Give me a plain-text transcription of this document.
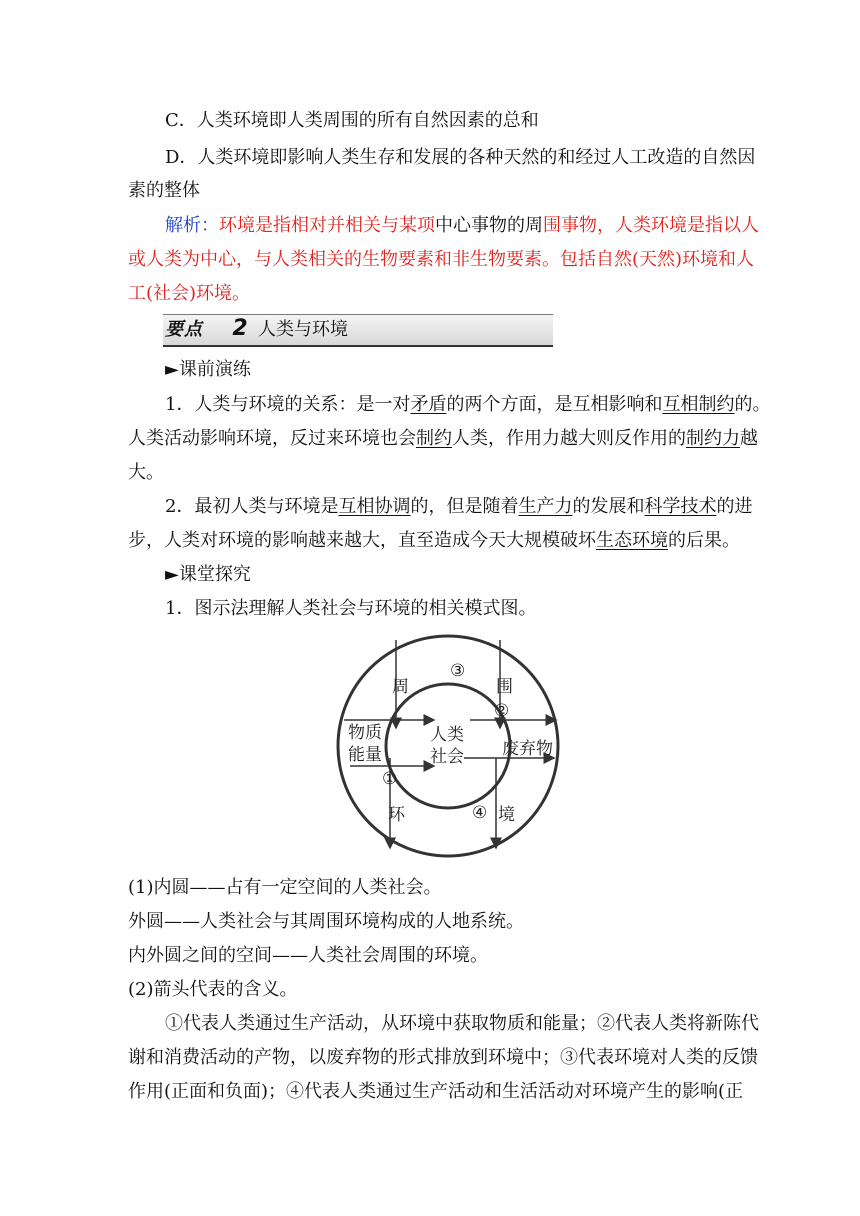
C．人类环境即人类周围的所有自然因素的总和
D．人类环境即影响人类生存和发展的各种天然的和经过人工改造的自然因
素的整体
解析：环境是指相对并相关与某项中心事物的周围事物，人类环境是指以人
或人类为中心，与人类相关的生物要素和非生物要素。包括自然(天然)环境和人
工(社会)环境。
要点 2 人类与环境
►课前演练
1．人类与环境的关系：是一对矛盾的两个方面，是互相影响和互相制约的。
人类活动影响环境，反过来环境也会制约人类，作用力越大则反作用的制约力越
大。
2．最初人类与环境是互相协调的，但是随着生产力的发展和科学技术的进
步，人类对环境的影响越来越大，直至造成今天大规模破坏生态环境的后果。
►课堂探究
1．图示法理解人类社会与环境的相关模式图。
周	围
环	境
物质
能量	废弃物
人类
社会
①
②
③
④
(1)内圆——占有一定空间的人类社会。
外圆——人类社会与其周围环境构成的人地系统。
内外圆之间的空间——人类社会周围的环境。
(2)箭头代表的含义。
①代表人类通过生产活动，从环境中获取物质和能量；②代表人类将新陈代
谢和消费活动的产物，以废弃物的形式排放到环境中；③代表环境对人类的反馈
作用(正面和负面)；④代表人类通过生产活动和生活活动对环境产生的影响(正
